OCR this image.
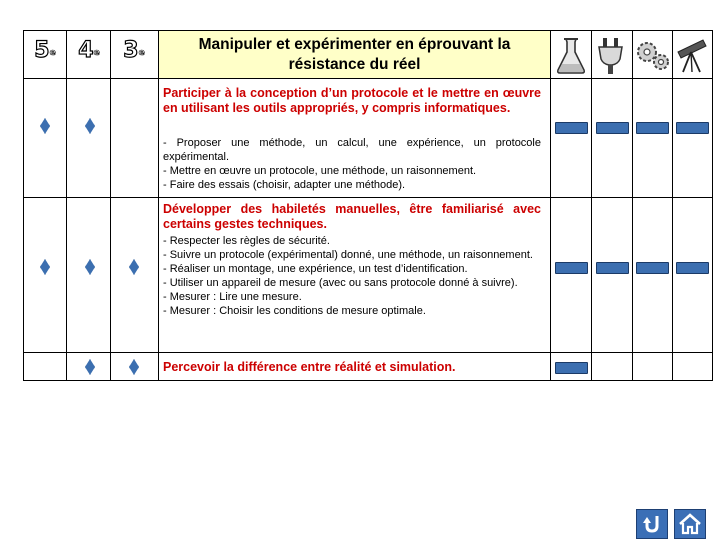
5e	4e	3e
Manipuler et expérimenter en éprouvant la résistance du réel
Participer à la conception d’un protocole et le mettre en œuvre en utilisant les outils appropriés, y compris informatiques.
- Proposer une méthode, un calcul, une expérience, un protocole expérimental.
- Mettre en œuvre un protocole, une méthode, un raisonnement.
- Faire des essais (choisir, adapter une méthode).
Développer des habiletés manuelles, être familiarisé avec certains gestes techniques.
- Respecter les règles de sécurité.
- Suivre un protocole (expérimental) donné, une méthode, un raisonnement.
- Réaliser un montage, une expérience, un test d’identification.
- Utiliser un appareil de mesure (avec ou sans protocole donné à suivre).
- Mesurer : Lire une mesure.
- Mesurer : Choisir les conditions de mesure optimale.
Percevoir la différence entre réalité et simulation.
